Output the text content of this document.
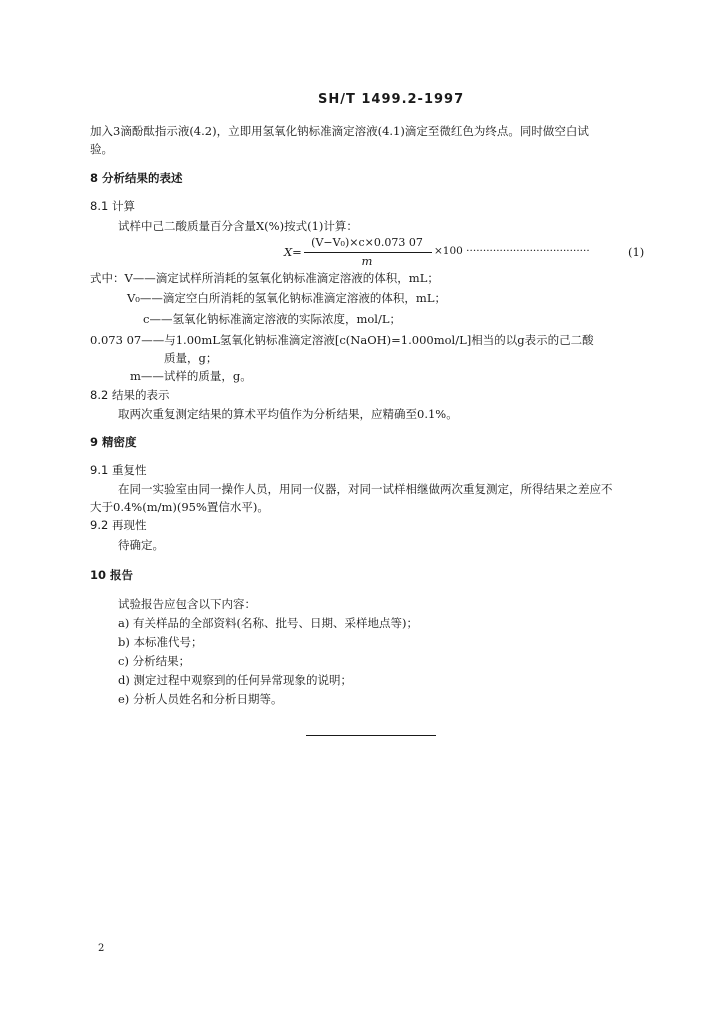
SH/T 1499.2-1997
加入3滴酚酞指示液(4.2)，立即用氢氧化钠标准滴定溶液(4.1)滴定至微红色为终点。同时做空白试
验。
8 分析结果的表述
8.1 计算
试样中己二酸质量百分含量X(%)按式(1)计算：
X=
(V−V₀)×c×0.073 07
m
×100 ·····································	(1)
式中：V——滴定试样所消耗的氢氧化钠标准滴定溶液的体积，mL；
V₀——滴定空白所消耗的氢氧化钠标准滴定溶液的体积，mL；
c——氢氧化钠标准滴定溶液的实际浓度，mol/L；
0.073 07——与1.00mL氢氧化钠标准滴定溶液[c(NaOH)=1.000mol/L]相当的以g表示的己二酸
质量，g；
m——试样的质量，g。
8.2 结果的表示
取两次重复测定结果的算术平均值作为分析结果，应精确至0.1%。
9 精密度
9.1 重复性
在同一实验室由同一操作人员，用同一仪器，对同一试样相继做两次重复测定，所得结果之差应不
大于0.4%(m/m)(95%置信水平)。
9.2 再现性
待确定。
10 报告
试验报告应包含以下内容：
a) 有关样品的全部资料(名称、批号、日期、采样地点等)；
b) 本标准代号；
c) 分析结果；
d) 测定过程中观察到的任何异常现象的说明；
e) 分析人员姓名和分析日期等。
2
